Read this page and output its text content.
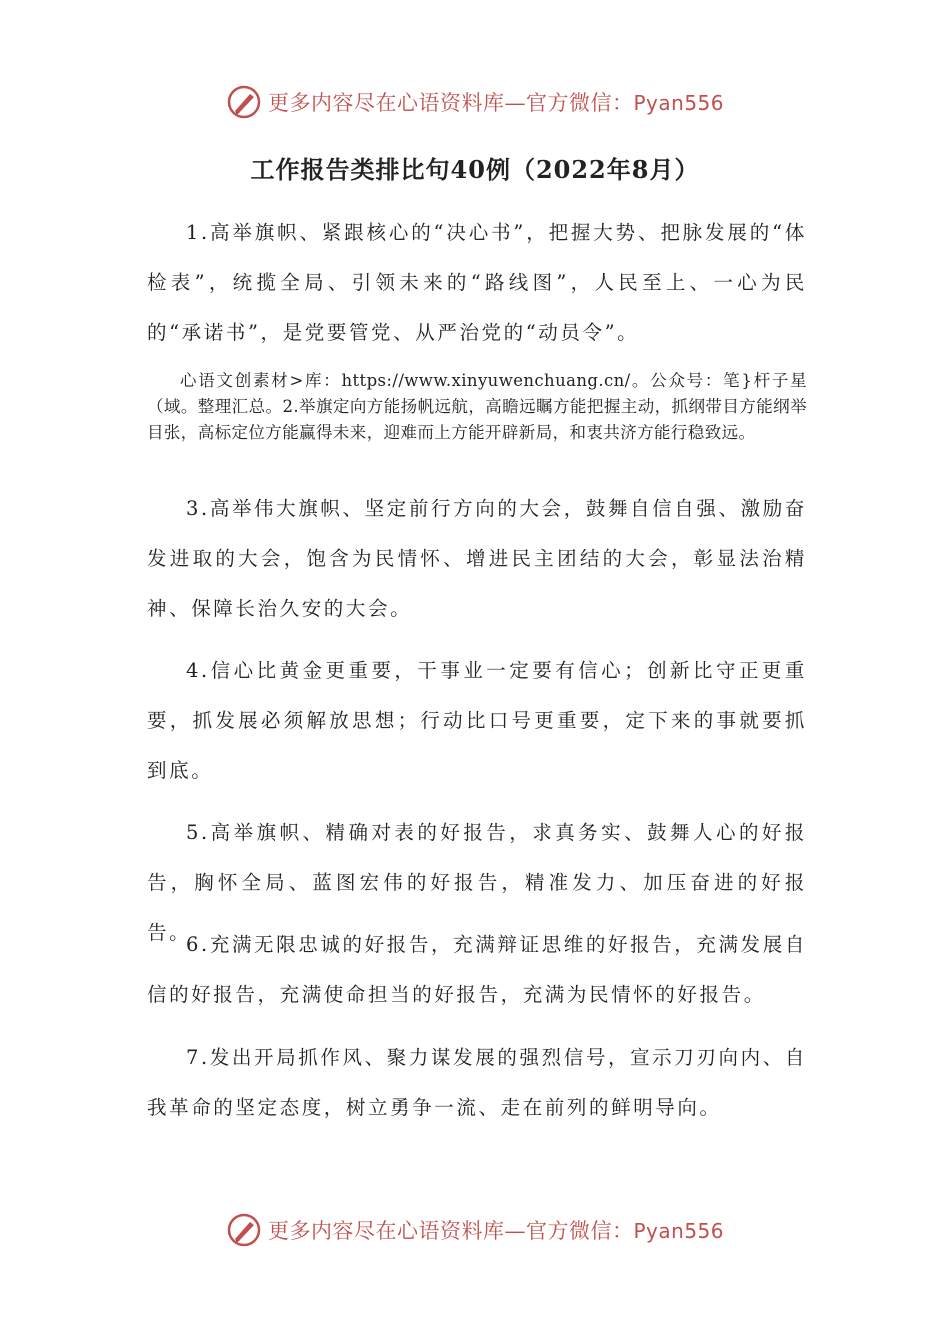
更多内容尽在心语资料库—官方微信：Pyan556
工作报告类排比句40例（2022年8月）

1.高举旗帜、紧跟核心的“决心书”，把握大势、把脉发展的“体检表”，统揽全局、引领未来的“路线图”，人民至上、一心为民的“承诺书”，是党要管党、从严治党的“动员令”。

心语文创素材>库：https://www.xinyuwenchuang.cn/。公众号：笔}杆子星（域。整理汇总。2.举旗定向方能扬帆远航，高瞻远瞩方能把握主动，抓纲带目方能纲举目张，高标定位方能赢得未来，迎难而上方能开辟新局，和衷共济方能行稳致远。

3.高举伟大旗帜、坚定前行方向的大会，鼓舞自信自强、激励奋发进取的大会，饱含为民情怀、增进民主团结的大会，彰显法治精神、保障长治久安的大会。

4.信心比黄金更重要，干事业一定要有信心；创新比守正更重要，抓发展必须解放思想；行动比口号更重要，定下来的事就要抓到底。

5.高举旗帜、精确对表的好报告，求真务实、鼓舞人心的好报告，胸怀全局、蓝图宏伟的好报告，精准发力、加压奋进的好报告。

6.充满无限忠诚的好报告，充满辩证思维的好报告，充满发展自信的好报告，充满使命担当的好报告，充满为民情怀的好报告。

7.发出开局抓作风、聚力谋发展的强烈信号，宣示刀刃向内、自我革命的坚定态度，树立勇争一流、走在前列的鲜明导向。

更多内容尽在心语资料库—官方微信：Pyan556
